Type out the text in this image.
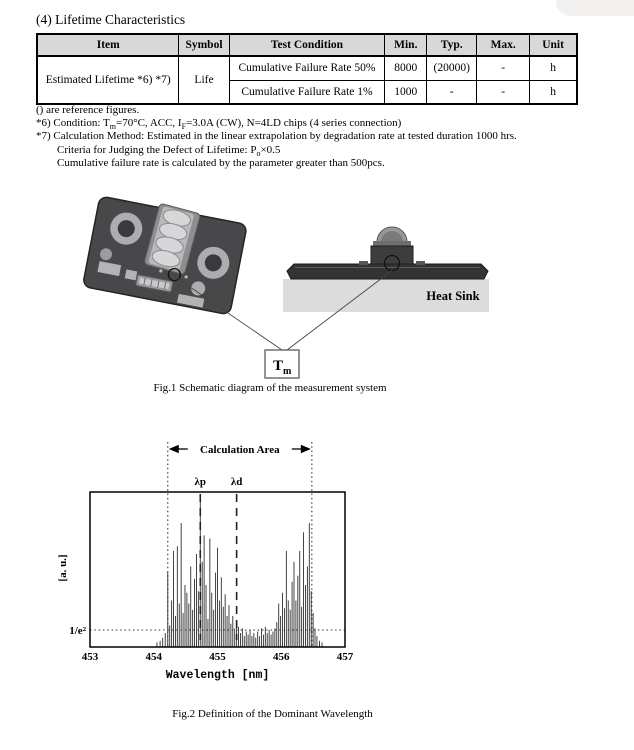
(4) Lifetime Characteristics
Item	Symbol	Test Condition	Min.	Typ.	Max.	Unit
Estimated Lifetime *6) *7)	Life	Cumulative Failure Rate 50%	8000	(20000)	-	h
		Cumulative Failure Rate 1%	1000	-	-	h
() are reference figures.
*6) Condition: $T_m=70^\circ C$, ACC, $I_F=3.0A$ (CW), N=4LD chips (4 series connection)
*7) Calculation Method: Estimated in the linear extrapolation by degradation rate at tested duration 1000 hrs.
Criteria for Judging the Defect of Lifetime: $P_o\times 0.5$
Cumulative failure rate is calculated by the parameter greater than 500pcs.
Heat Sink
$T_m$
Fig.1 Schematic diagram of the measurement system
453	454	455	456	457
Calculation Area
λp λd
1/e²
[a. u.]
Wavelength [nm]
Fig.2 Definition of the Dominant Wavelength
